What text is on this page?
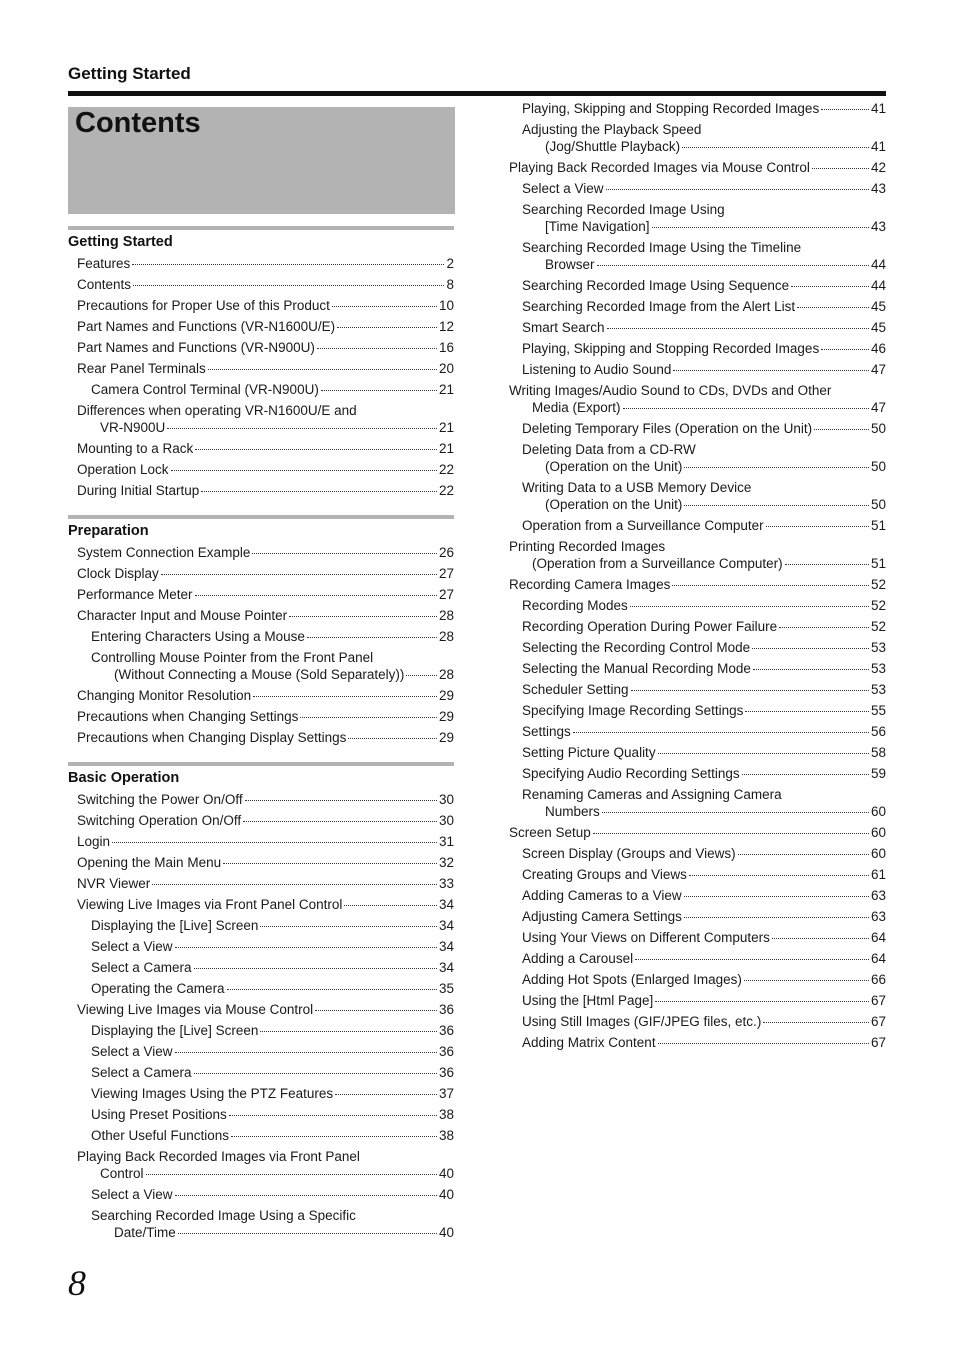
Getting Started
Contents
Getting Started
Features	2
Contents	8
Precautions for Proper Use of this Product	10
Part Names and Functions (VR-N1600U/E)	12
Part Names and Functions (VR-N900U)	16
Rear Panel Terminals	20
Camera Control Terminal (VR-N900U)	21
Differences when operating VR-N1600U/E and
VR-N900U	21
Mounting to a Rack	21
Operation Lock	22
During Initial Startup	22
Preparation
System Connection Example	26
Clock Display	27
Performance Meter	27
Character Input and Mouse Pointer	28
Entering Characters Using a Mouse	28
Controlling Mouse Pointer from the Front Panel
(Without Connecting a Mouse (Sold Separately))	28
Changing Monitor Resolution	29
Precautions when Changing Settings	29
Precautions when Changing Display Settings	29
Basic Operation
Switching the Power On/Off	30
Switching Operation On/Off	30
Login	31
Opening the Main Menu	32
NVR Viewer	33
Viewing Live Images via Front Panel Control	34
Displaying the [Live] Screen	34
Select a View	34
Select a Camera	34
Operating the Camera	35
Viewing Live Images via Mouse Control	36
Displaying the [Live] Screen	36
Select a View	36
Select a Camera	36
Viewing Images Using the PTZ Features	37
Using Preset Positions	38
Other Useful Functions	38
Playing Back Recorded Images via Front Panel
Control	40
Select a View	40
Searching Recorded Image Using a Specific
Date/Time	40
Playing, Skipping and Stopping Recorded Images	41
Adjusting the Playback Speed
(Jog/Shuttle Playback)	41
Playing Back Recorded Images via Mouse Control	42
Select a View	43
Searching Recorded Image Using
[Time Navigation]	43
Searching Recorded Image Using the Timeline
Browser	44
Searching Recorded Image Using Sequence	44
Searching Recorded Image from the Alert List	45
Smart Search	45
Playing, Skipping and Stopping Recorded Images	46
Listening to Audio Sound	47
Writing Images/Audio Sound to CDs, DVDs and Other
Media (Export)	47
Deleting Temporary Files (Operation on the Unit)	50
Deleting Data from a CD-RW
(Operation on the Unit)	50
Writing Data to a USB Memory Device
(Operation on the Unit)	50
Operation from a Surveillance Computer	51
Printing Recorded Images
(Operation from a Surveillance Computer)	51
Recording Camera Images	52
Recording Modes	52
Recording Operation During Power Failure	52
Selecting the Recording Control Mode	53
Selecting the Manual Recording Mode	53
Scheduler Setting	53
Specifying Image Recording Settings	55
Settings	56
Setting Picture Quality	58
Specifying Audio Recording Settings	59
Renaming Cameras and Assigning Camera
Numbers	60
Screen Setup	60
Screen Display (Groups and Views)	60
Creating Groups and Views	61
Adding Cameras to a View	63
Adjusting Camera Settings	63
Using Your Views on Different Computers	64
Adding a Carousel	64
Adding Hot Spots (Enlarged Images)	66
Using the [Html Page]	67
Using Still Images (GIF/JPEG files, etc.)	67
Adding Matrix Content	67
8
